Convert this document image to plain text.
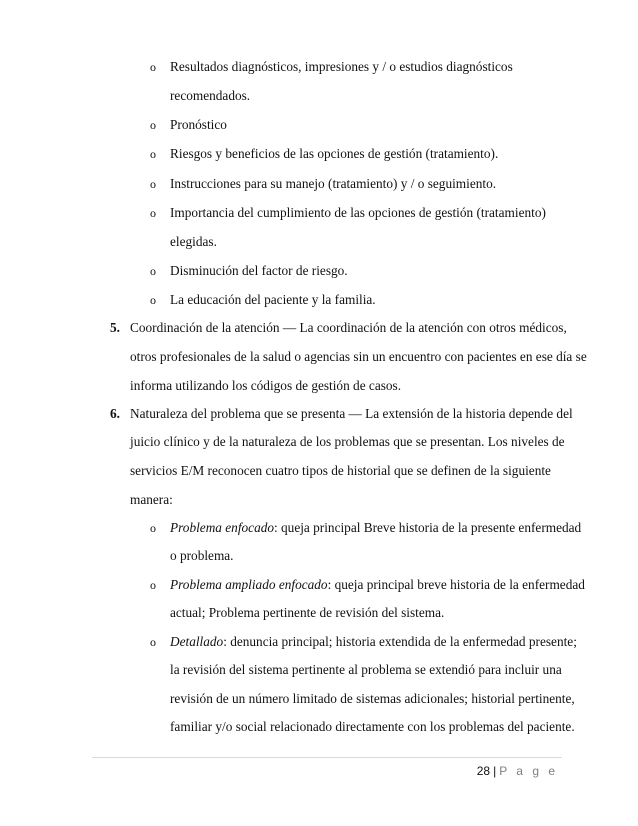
o Resultados diagnósticos, impresiones y / o estudios diagnósticos
recomendados.
o Pronóstico
o Riesgos y beneficios de las opciones de gestión (tratamiento).
o Instrucciones para su manejo (tratamiento) y / o seguimiento.
o Importancia del cumplimiento de las opciones de gestión (tratamiento)
elegidas.
o Disminución del factor de riesgo.
o La educación del paciente y la familia.
5. Coordinación de la atención — La coordinación de la atención con otros médicos,
otros profesionales de la salud o agencias sin un encuentro con pacientes en ese día se
informa utilizando los códigos de gestión de casos.
6. Naturaleza del problema que se presenta — La extensión de la historia depende del
juicio clínico y de la naturaleza de los problemas que se presentan. Los niveles de
servicios E/M reconocen cuatro tipos de historial que se definen de la siguiente
manera:
o Problema enfocado: queja principal Breve historia de la presente enfermedad
o problema.
o Problema ampliado enfocado: queja principal breve historia de la enfermedad
actual; Problema pertinente de revisión del sistema.
o Detallado: denuncia principal; historia extendida de la enfermedad presente;
la revisión del sistema pertinente al problema se extendió para incluir una
revisión de un número limitado de sistemas adicionales; historial pertinente,
familiar y/o social relacionado directamente con los problemas del paciente.
28 | P a g e
